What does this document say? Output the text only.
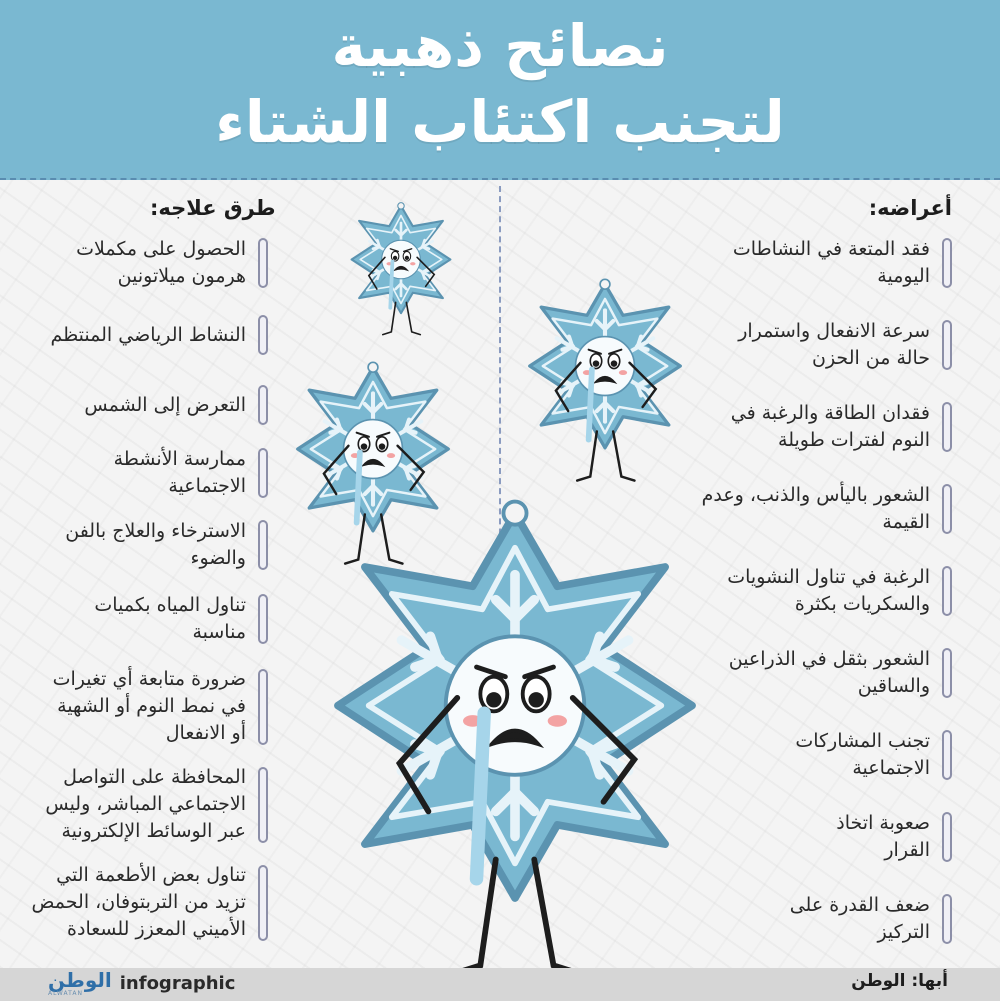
نصائح ذهبية
لتجنب اكتئاب الشتاء
أعراضه:
طرق علاجه:
فقد المتعة في النشاطات
اليومية
سرعة الانفعال واستمرار
حالة من الحزن
فقدان الطاقة والرغبة في
النوم لفترات طويلة
الشعور باليأس والذنب، وعدم
القيمة
الرغبة في تناول النشويات
والسكريات بكثرة
الشعور بثقل في الذراعين
والساقين
تجنب المشاركات
الاجتماعية
صعوبة اتخاذ
القرار
ضعف القدرة على
التركيز
الحصول على مكملات
هرمون ميلاتونين
النشاط الرياضي المنتظم
التعرض إلى الشمس
ممارسة الأنشطة
الاجتماعية
الاسترخاء والعلاج بالفن
والضوء
تناول المياه بكميات
مناسبة
ضرورة متابعة أي تغيرات
في نمط النوم أو الشهية
أو الانفعال
المحافظة على التواصل
الاجتماعي المباشر، وليس
عبر الوسائط الإلكترونية
تناول بعض الأطعمة التي
تزيد من التربتوفان، الحمض
الأميني المعزز للسعادة
أبها: الوطن
الوطن
ALWATAN	infographic
